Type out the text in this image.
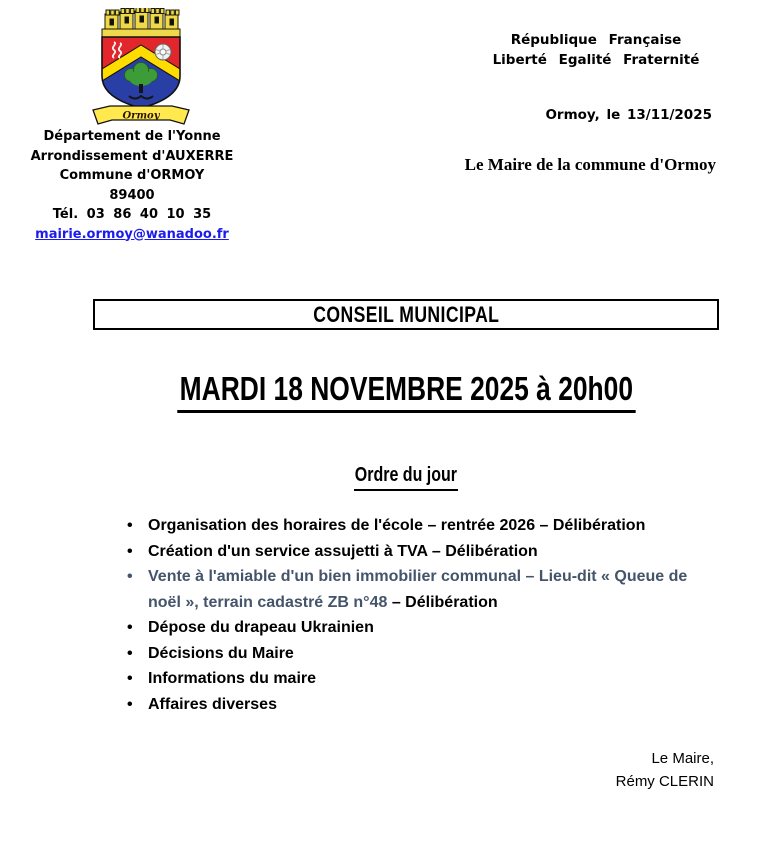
Ormoy
Département de l'Yonne
Arrondissement d'AUXERRE
Commune d'ORMOY
89400
Tél. 03 86 40 10 35
mairie.ormoy@wanadoo.fr
République Française
Liberté Egalité Fraternité
Ormoy, le 13/11/2025
Le Maire de la commune d'Ormoy
CONSEIL MUNICIPAL
MARDI 18 NOVEMBRE 2025 à 20h00
Ordre du jour
• Organisation des horaires de l'école – rentrée 2026 – Délibération
• Création d'un service assujetti à TVA – Délibération
• Vente à l'amiable d'un bien immobilier communal – Lieu-dit « Queue de noël », terrain cadastré ZB n°48 – Délibération
• Dépose du drapeau Ukrainien
• Décisions du Maire
• Informations du maire
• Affaires diverses
Le Maire,
Rémy CLERIN
